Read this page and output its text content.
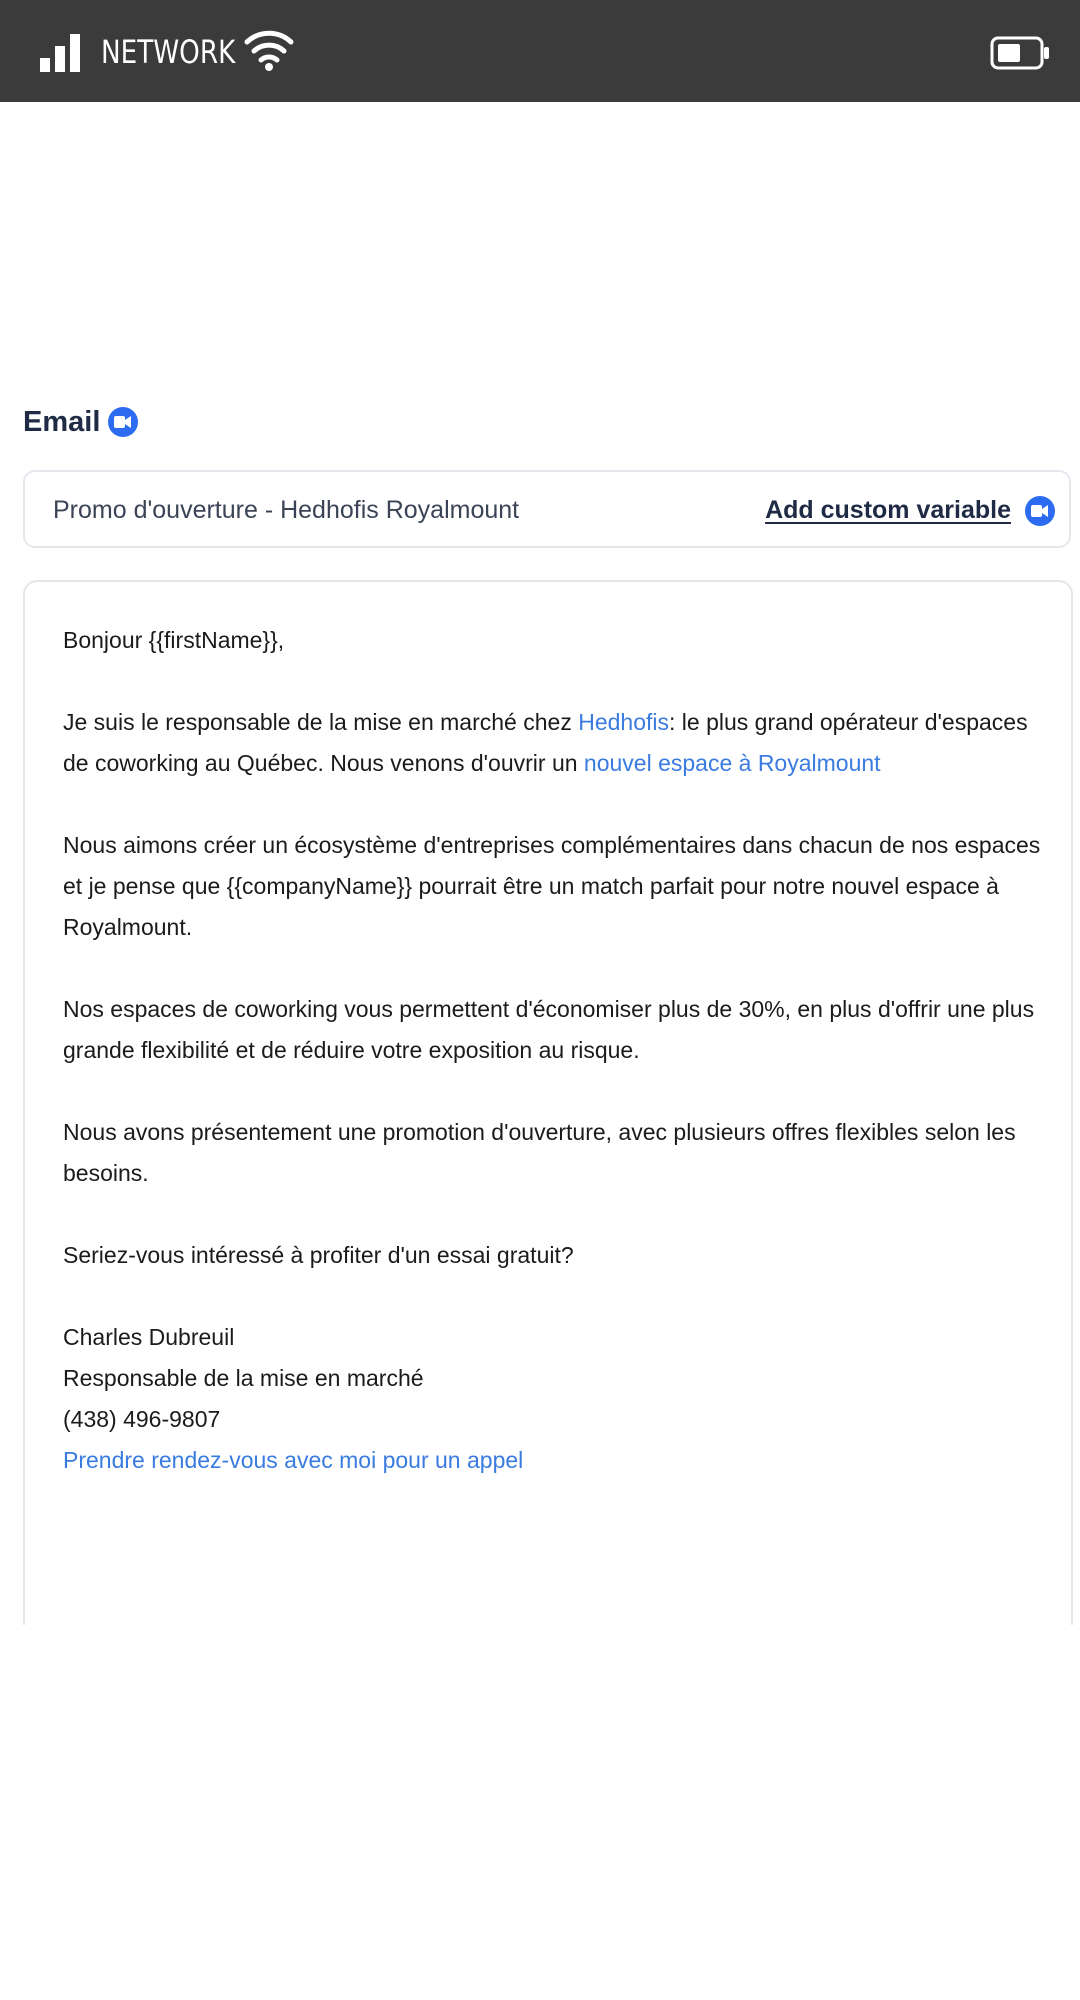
NETWORK
Email
Promo d'ouverture - Hedhofis Royalmount	Add custom variable

Bonjour {{firstName}},

Je suis le responsable de la mise en marché chez Hedhofis: le plus grand opérateur d'espaces de coworking au Québec. Nous venons d'ouvrir un nouvel espace à Royalmount

Nous aimons créer un écosystème d'entreprises complémentaires dans chacun de nos espaces et je pense que {{companyName}} pourrait être un match parfait pour notre nouvel espace à Royalmount.

Nos espaces de coworking vous permettent d'économiser plus de 30%, en plus d'offrir une plus grande flexibilité et de réduire votre exposition au risque.

Nous avons présentement une promotion d'ouverture, avec plusieurs offres flexibles selon les besoins.

Seriez-vous intéressé à profiter d'un essai gratuit?

Charles Dubreuil
Responsable de la mise en marché
(438) 496-9807
Prendre rendez-vous avec moi pour un appel
